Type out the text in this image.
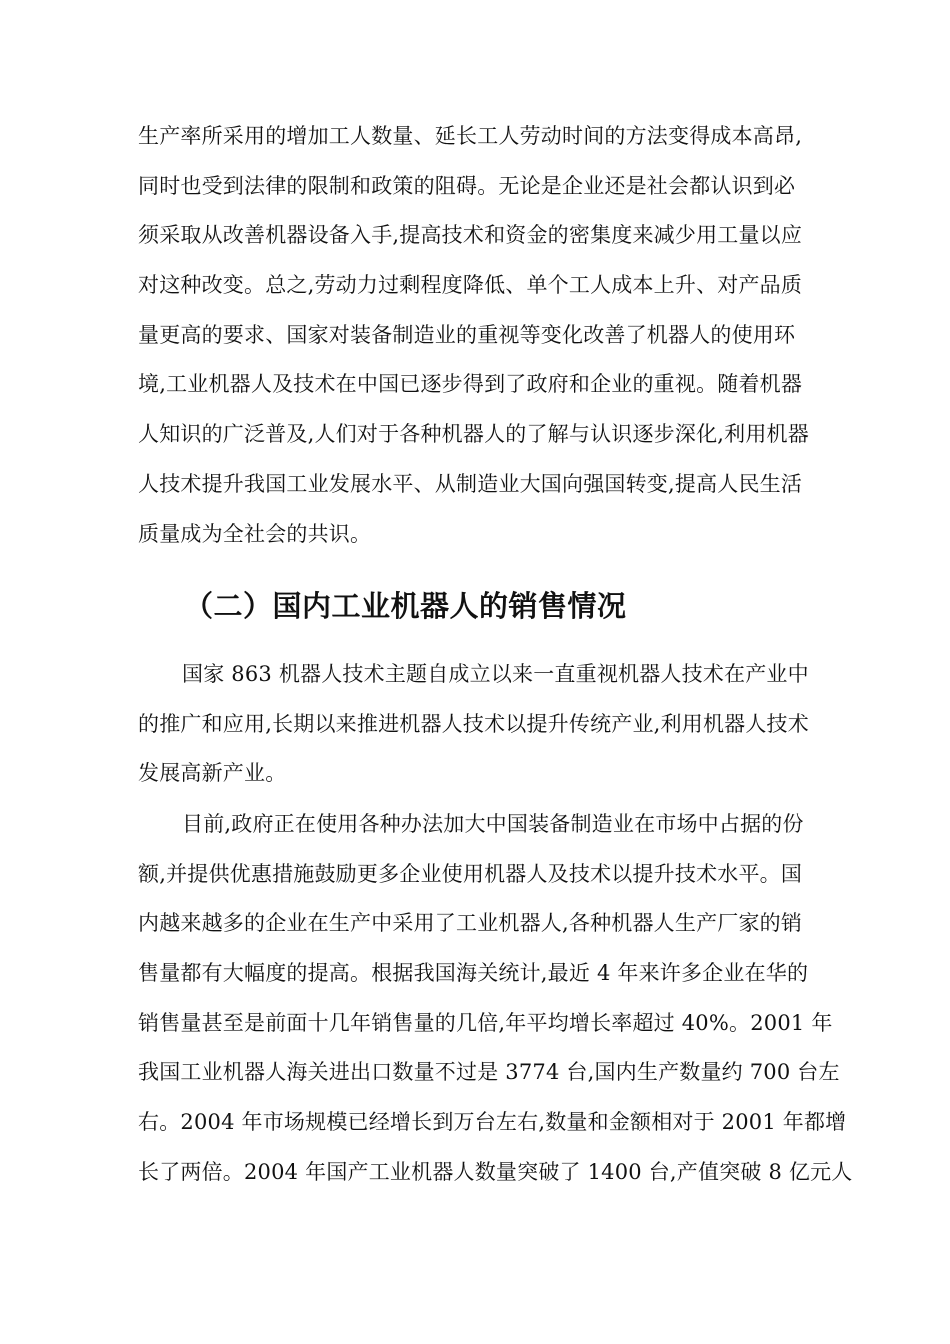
生产率所采用的增加工人数量、延长工人劳动时间的方法变得成本高昂,
同时也受到法律的限制和政策的阻碍。无论是企业还是社会都认识到必
须采取从改善机器设备入手,提高技术和资金的密集度来减少用工量以应
对这种改变。总之,劳动力过剩程度降低、单个工人成本上升、对产品质
量更高的要求、国家对装备制造业的重视等变化改善了机器人的使用环
境,工业机器人及技术在中国已逐步得到了政府和企业的重视。随着机器
人知识的广泛普及,人们对于各种机器人的了解与认识逐步深化,利用机器
人技术提升我国工业发展水平、从制造业大国向强国转变,提高人民生活
质量成为全社会的共识。
（二）国内工业机器人的销售情况
国家 863 机器人技术主题自成立以来一直重视机器人技术在产业中
的推广和应用,长期以来推进机器人技术以提升传统产业,利用机器人技术
发展高新产业。
目前,政府正在使用各种办法加大中国装备制造业在市场中占据的份
额,并提供优惠措施鼓励更多企业使用机器人及技术以提升技术水平。国
内越来越多的企业在生产中采用了工业机器人,各种机器人生产厂家的销
售量都有大幅度的提高。根据我国海关统计,最近 4 年来许多企业在华的
销售量甚至是前面十几年销售量的几倍,年平均增长率超过 40%。2001 年
我国工业机器人海关进出口数量不过是 3774 台,国内生产数量约 700 台左
右。2004 年市场规模已经增长到万台左右,数量和金额相对于 2001 年都增
长了两倍。2004 年国产工业机器人数量突破了 1400 台,产值突破 8 亿元人
